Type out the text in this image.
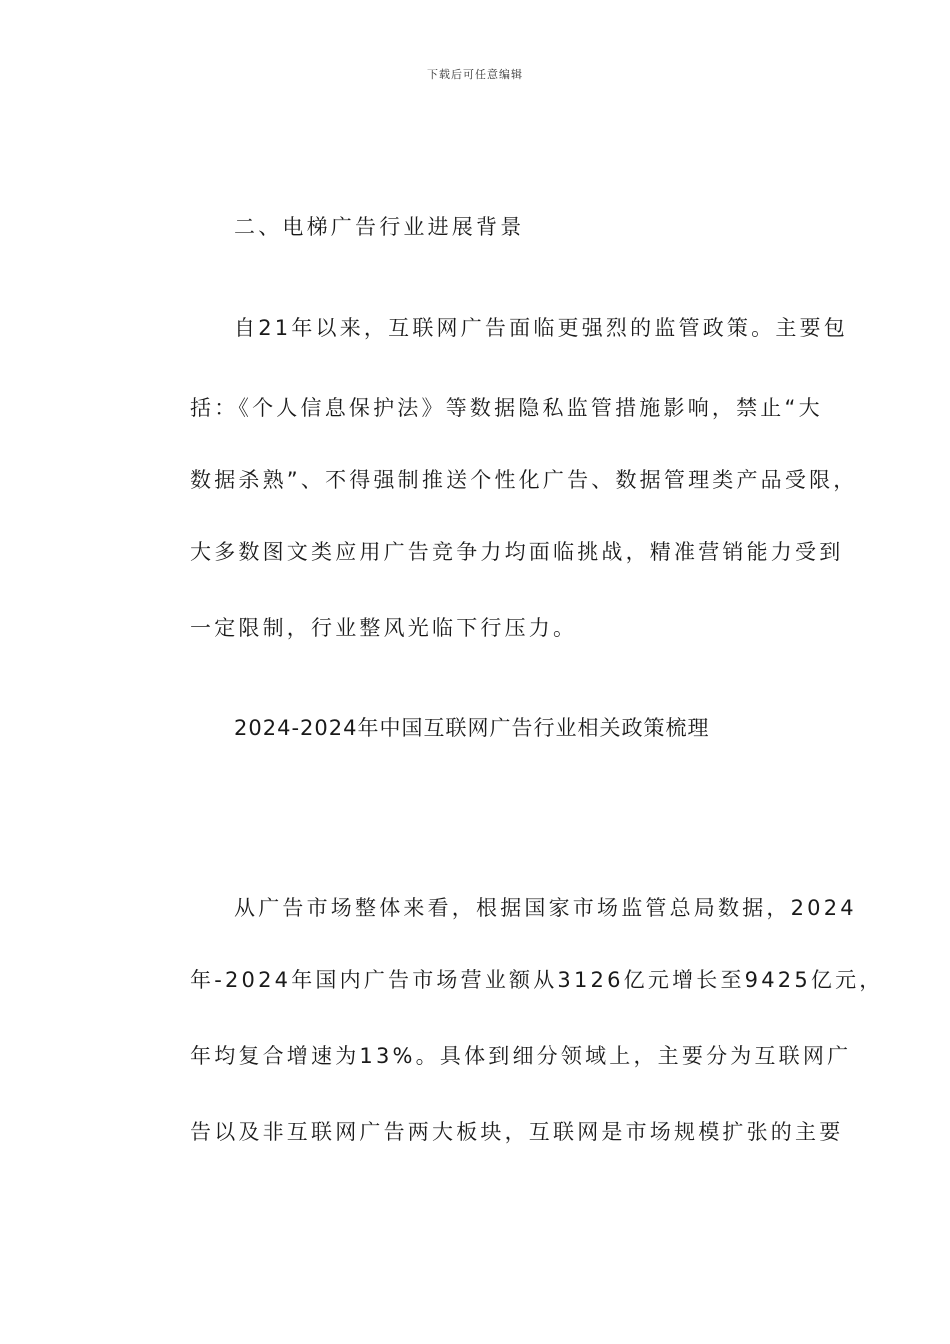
下载后可任意编辑
二、电梯广告行业进展背景
自21年以来，互联网广告面临更强烈的监管政策。主要包
括：《个人信息保护法》等数据隐私监管措施影响，禁止“大
数据杀熟”、不得强制推送个性化广告、数据管理类产品受限，
大多数图文类应用广告竞争力均面临挑战，精准营销能力受到
一定限制，行业整风光临下行压力。
2024-2024年中国互联网广告行业相关政策梳理
从广告市场整体来看，根据国家市场监管总局数据，2024
年-2024年国内广告市场营业额从3126亿元增长至9425亿元，
年均复合增速为13%。具体到细分领域上，主要分为互联网广
告以及非互联网广告两大板块，互联网是市场规模扩张的主要
